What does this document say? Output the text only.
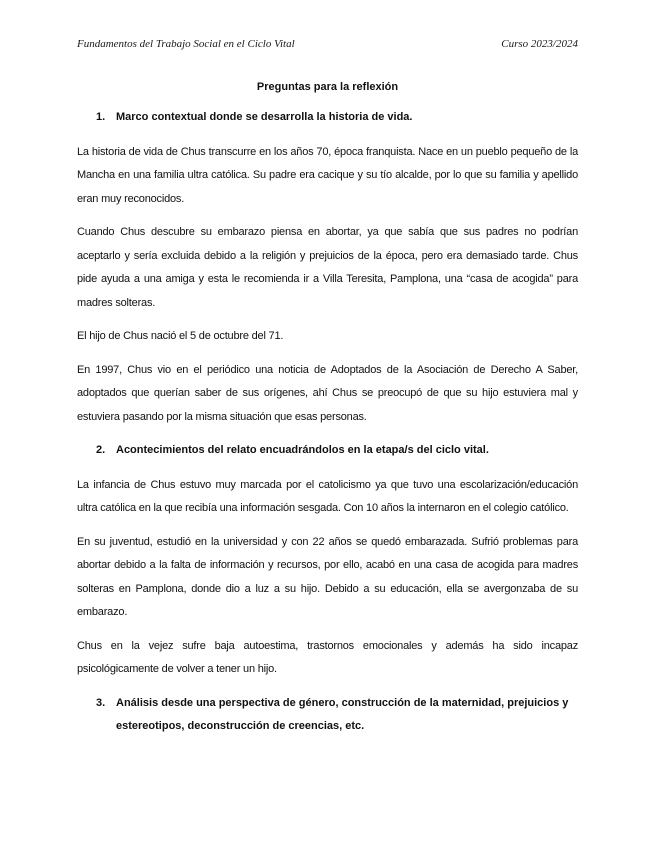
Fundamentos del Trabajo Social en el Ciclo Vital	Curso 2023/2024
Preguntas para la reflexión
1. Marco contextual donde se desarrolla la historia de vida.

La historia de vida de Chus transcurre en los años 70, época franquista. Nace en un pueblo pequeño de la Mancha en una familia ultra católica. Su padre era cacique y su tío alcalde, por lo que su familia y apellido eran muy reconocidos.

Cuando Chus descubre su embarazo piensa en abortar, ya que sabía que sus padres no podrían aceptarlo y sería excluida debido a la religión y prejuicios de la época, pero era demasiado tarde. Chus pide ayuda a una amiga y esta le recomienda ir a Villa Teresita, Pamplona, una “casa de acogida” para madres solteras.

El hijo de Chus nació el 5 de octubre del 71.

En 1997, Chus vio en el periódico una noticia de Adoptados de la Asociación de Derecho A Saber, adoptados que querían saber de sus orígenes, ahí Chus se preocupó de que su hijo estuviera mal y estuviera pasando por la misma situación que esas personas.

2. Acontecimientos del relato encuadrándolos en la etapa/s del ciclo vital.

La infancia de Chus estuvo muy marcada por el catolicismo ya que tuvo una escolarización/educación ultra católica en la que recibía una información sesgada. Con 10 años la internaron en el colegio católico.

En su juventud, estudió en la universidad y con 22 años se quedó embarazada. Sufrió problemas para abortar debido a la falta de información y recursos, por ello, acabó en una casa de acogida para madres solteras en Pamplona, donde dio a luz a su hijo. Debido a su educación, ella se avergonzaba de su embarazo.

Chus en la vejez sufre baja autoestima, trastornos emocionales y además ha sido incapaz psicológicamente de volver a tener un hijo.

3. Análisis desde una perspectiva de género, construcción de la maternidad, prejuicios y estereotipos, deconstrucción de creencias, etc.
